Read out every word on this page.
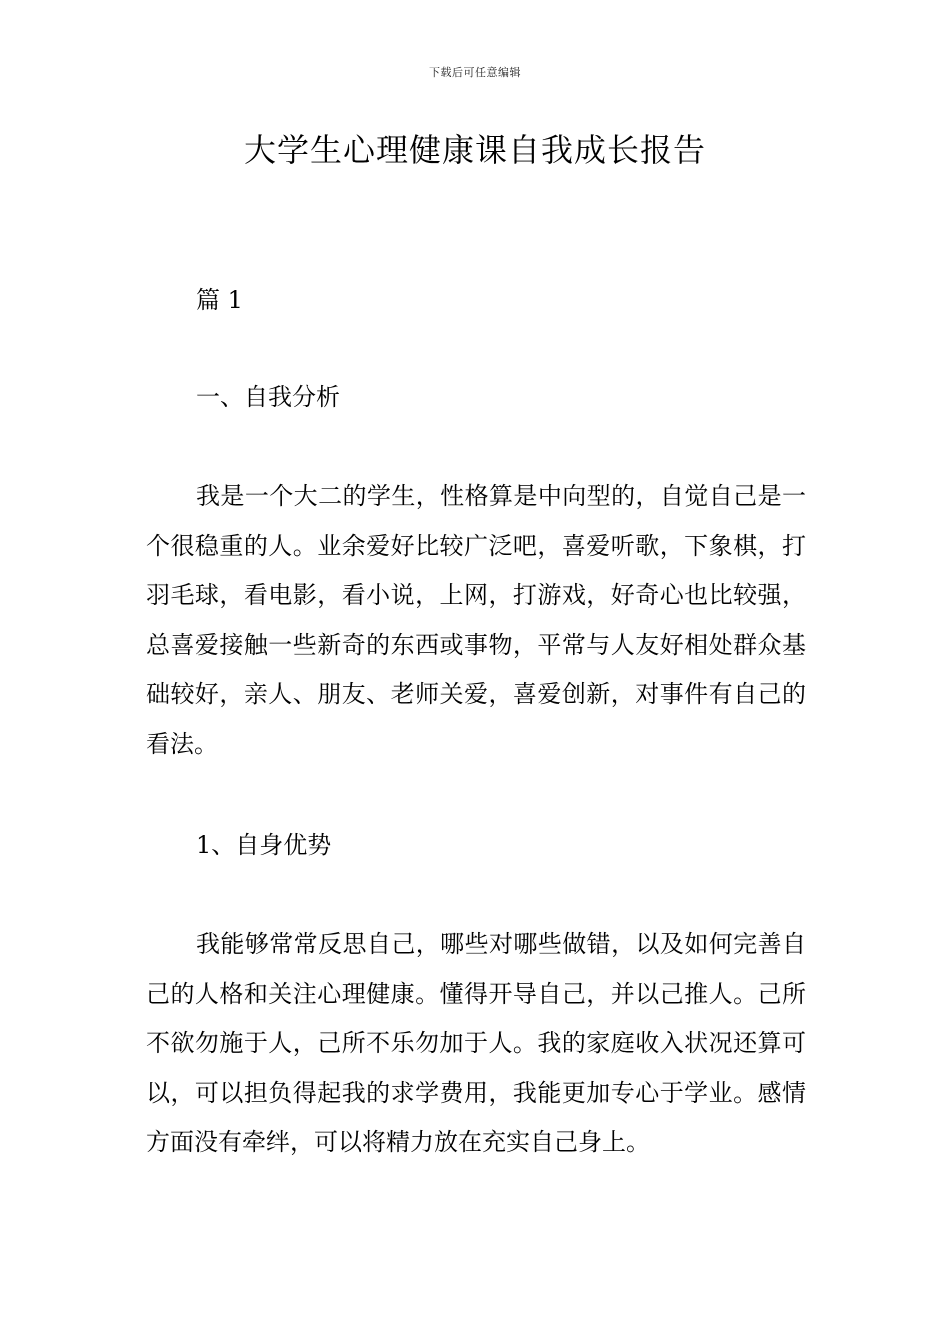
下载后可任意编辑
大学生心理健康课自我成长报告

篇 1

一、自我分析

我是一个大二的学生，性格算是中向型的，自觉自己是一个很稳重的人。业余爱好比较广泛吧，喜爱听歌，下象棋，打羽毛球，看电影，看小说，上网，打游戏，好奇心也比较强，总喜爱接触一些新奇的东西或事物，平常与人友好相处群众基础较好，亲人、朋友、老师关爱，喜爱创新，对事件有自己的看法。

1、自身优势

我能够常常反思自己，哪些对哪些做错，以及如何完善自己的人格和关注心理健康。懂得开导自己，并以己推人。己所不欲勿施于人，己所不乐勿加于人。我的家庭收入状况还算可以，可以担负得起我的求学费用，我能更加专心于学业。感情方面没有牵绊，可以将精力放在充实自己身上。
